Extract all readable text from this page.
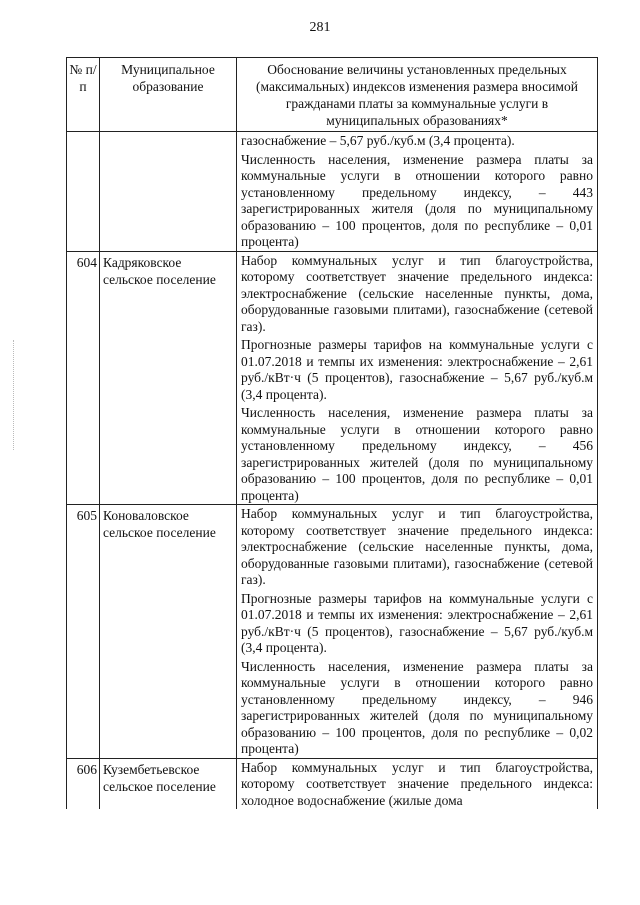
281
№ п/п	Муниципальное образование	Обоснование величины установленных предельных (максимальных) индексов изменения размера вносимой гражданами платы за коммунальные услуги в муниципальных образованиях*

		газоснабжение – 5,67 руб./куб.м (3,4 процента).

Численность населения, изменение размера платы за коммунальные услуги в отношении которого равно установленному предельному индексу, – 443 зарегистрированных жителя (доля по муниципальному образованию – 100 процентов, доля по республике – 0,01 процента)

604	Кадряковское сельское поселение	Набор коммунальных услуг и тип благоустройства, которому соответствует значение предельного индекса: электроснабжение (сельские населенные пункты, дома, оборудованные газовыми плитами), газоснабжение (сетевой газ).

Прогнозные размеры тарифов на коммунальные услуги с 01.07.2018 и темпы их изменения: электроснабжение – 2,61 руб./кВт·ч (5 процентов), газоснабжение – 5,67 руб./куб.м (3,4 процента).

Численность населения, изменение размера платы за коммунальные услуги в отношении которого равно установленному предельному индексу, – 456 зарегистрированных жителей (доля по муниципальному образованию – 100 процентов, доля по республике – 0,01 процента)

605	Коноваловское сельское поселение	Набор коммунальных услуг и тип благоустройства, которому соответствует значение предельного индекса: электроснабжение (сельские населенные пункты, дома, оборудованные газовыми плитами), газоснабжение (сетевой газ).

Прогнозные размеры тарифов на коммунальные услуги с 01.07.2018 и темпы их изменения: электроснабжение – 2,61 руб./кВт·ч (5 процентов), газоснабжение – 5,67 руб./куб.м (3,4 процента).

Численность населения, изменение размера платы за коммунальные услуги в отношении которого равно установленному предельному индексу, – 946 зарегистрированных жителей (доля по муниципальному образованию – 100 процентов, доля по республике – 0,02 процента)

606	Кузембетьевское сельское поселение	Набор коммунальных услуг и тип благоустройства, которому соответствует значение предельного индекса: холодное водоснабжение (жилые дома
